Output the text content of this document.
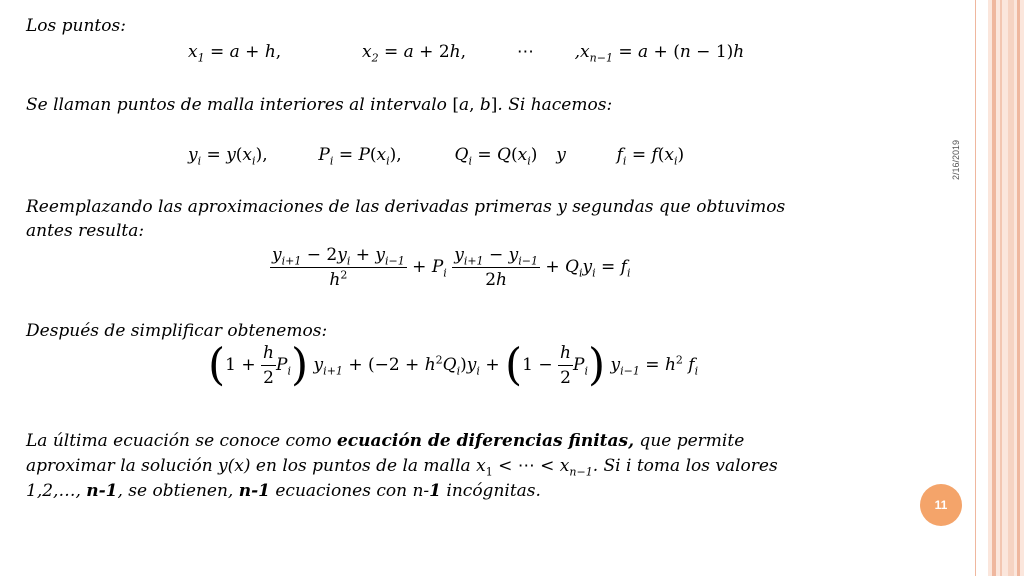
Los puntos:
𝑥$_1$ = 𝑎 + ℎ,	𝑥$_2$ = 𝑎 + 2ℎ,	⋯ ,𝑥$_{𝑛-1}$ = 𝑎 + (𝑛 − 1)ℎ
Se llaman puntos de malla interiores al intervalo [𝑎, 𝑏]. Si hacemos:
𝑦$_𝑖$ = 𝑦(𝑥$_𝑖$),	𝑃$_𝑖$ = 𝑃(𝑥$_𝑖$),	𝑄$_𝑖$ = 𝑄(𝑥$_𝑖$) 𝑦	𝑓$_𝑖$ = 𝑓(𝑥$_𝑖$)
Reemplazando las aproximaciones de las derivadas primeras y segundas que obtuvimos
antes resulta:
$\frac{𝑦_{𝑖+1} - 2𝑦_𝑖 + 𝑦_{𝑖-1}}{ℎ^2}$ + 𝑃$_𝑖$ $\frac{𝑦_{𝑖+1} - 𝑦_{𝑖-1}}{\text{2ℎ}}$ + 𝑄$_𝑖$𝑦$_𝑖$ = 𝑓$_𝑖$
Después de simplificar obtenemos:
($1 + \frac{\text{ℎ}}{2}$ 𝑃$_𝑖$) 𝑦$_{𝑖+1}$ + (−2 + ℎ$^2$𝑄$_𝑖$)𝑦$_𝑖$ + ($1 - \frac{\text{ℎ}}{2}$ 𝑃$_𝑖$) 𝑦$_{𝑖-1}$ = ℎ$^2$ 𝑓$_𝑖$
La última ecuación se conoce como ecuación de diferencias finitas, que permite
aproximar la solución y(x) en los puntos de la malla 𝑥$_1$ < ⋯ < 𝑥$_{𝑛-1}$. Si i toma los valores
1,2,…, n-1, se obtienen, n-1 ecuaciones con n-1 incógnitas.
2/16/2019
11
